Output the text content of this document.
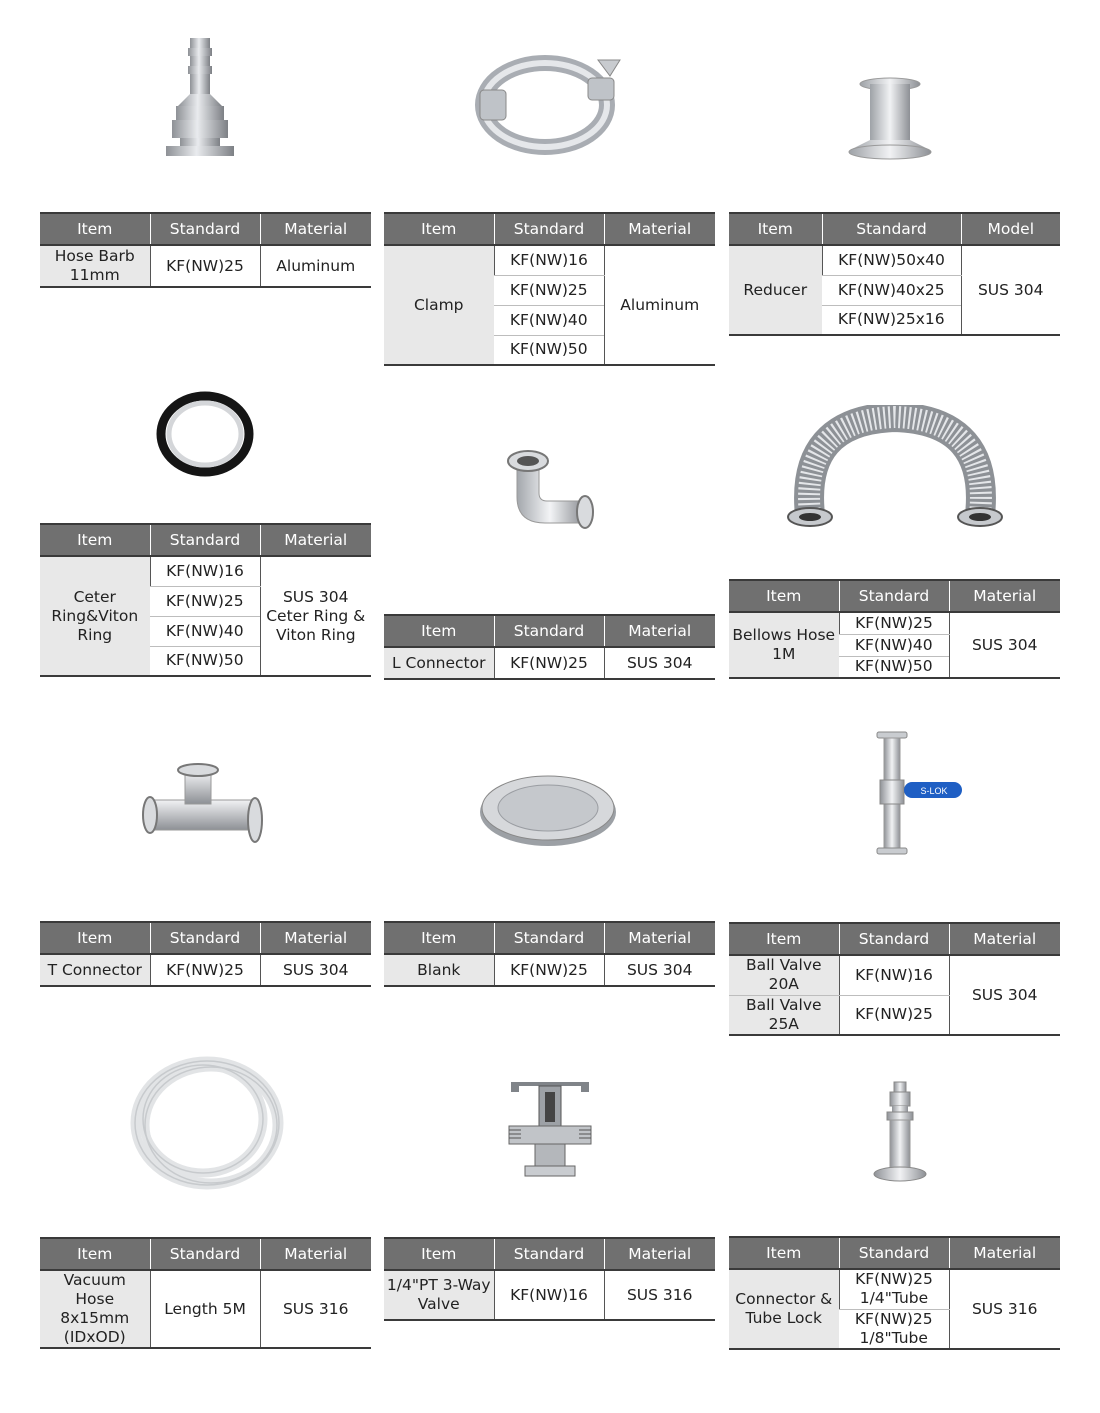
Item	Standard	Material
Hose Barb 11mm	KF(NW)25	Aluminum
Item	Standard	Material
Clamp	KF(NW)16	Aluminum
	KF(NW)25	
	KF(NW)40	
	KF(NW)50	
Item	Standard	Model
Reducer	KF(NW)50x40	SUS 304
	KF(NW)40x25	
	KF(NW)25x16	
Item	Standard	Material
Ceter Ring&Viton Ring	KF(NW)16	SUS 304 Ceter Ring & Viton Ring
	KF(NW)25	
	KF(NW)40	
	KF(NW)50	
Item	Standard	Material
L Connector	KF(NW)25	SUS 304
Item	Standard	Material
Bellows Hose 1M	KF(NW)25	SUS 304
	KF(NW)40	
	KF(NW)50	
Item	Standard	Material
T Connector	KF(NW)25	SUS 304
Item	Standard	Material
Blank	KF(NW)25	SUS 304
S-LOK
Item	Standard	Material
Ball Valve 20A	KF(NW)16	SUS 304
Ball Valve 25A	KF(NW)25	
Item	Standard	Material
Vacuum Hose 8x15mm (IDxOD)	Length 5M	SUS 316
Item	Standard	Material
1/4"PT 3-Way Valve	KF(NW)16	SUS 316
Item	Standard	Material
Connector & Tube Lock	KF(NW)25 1/4"Tube	SUS 316
	KF(NW)25 1/8"Tube	
